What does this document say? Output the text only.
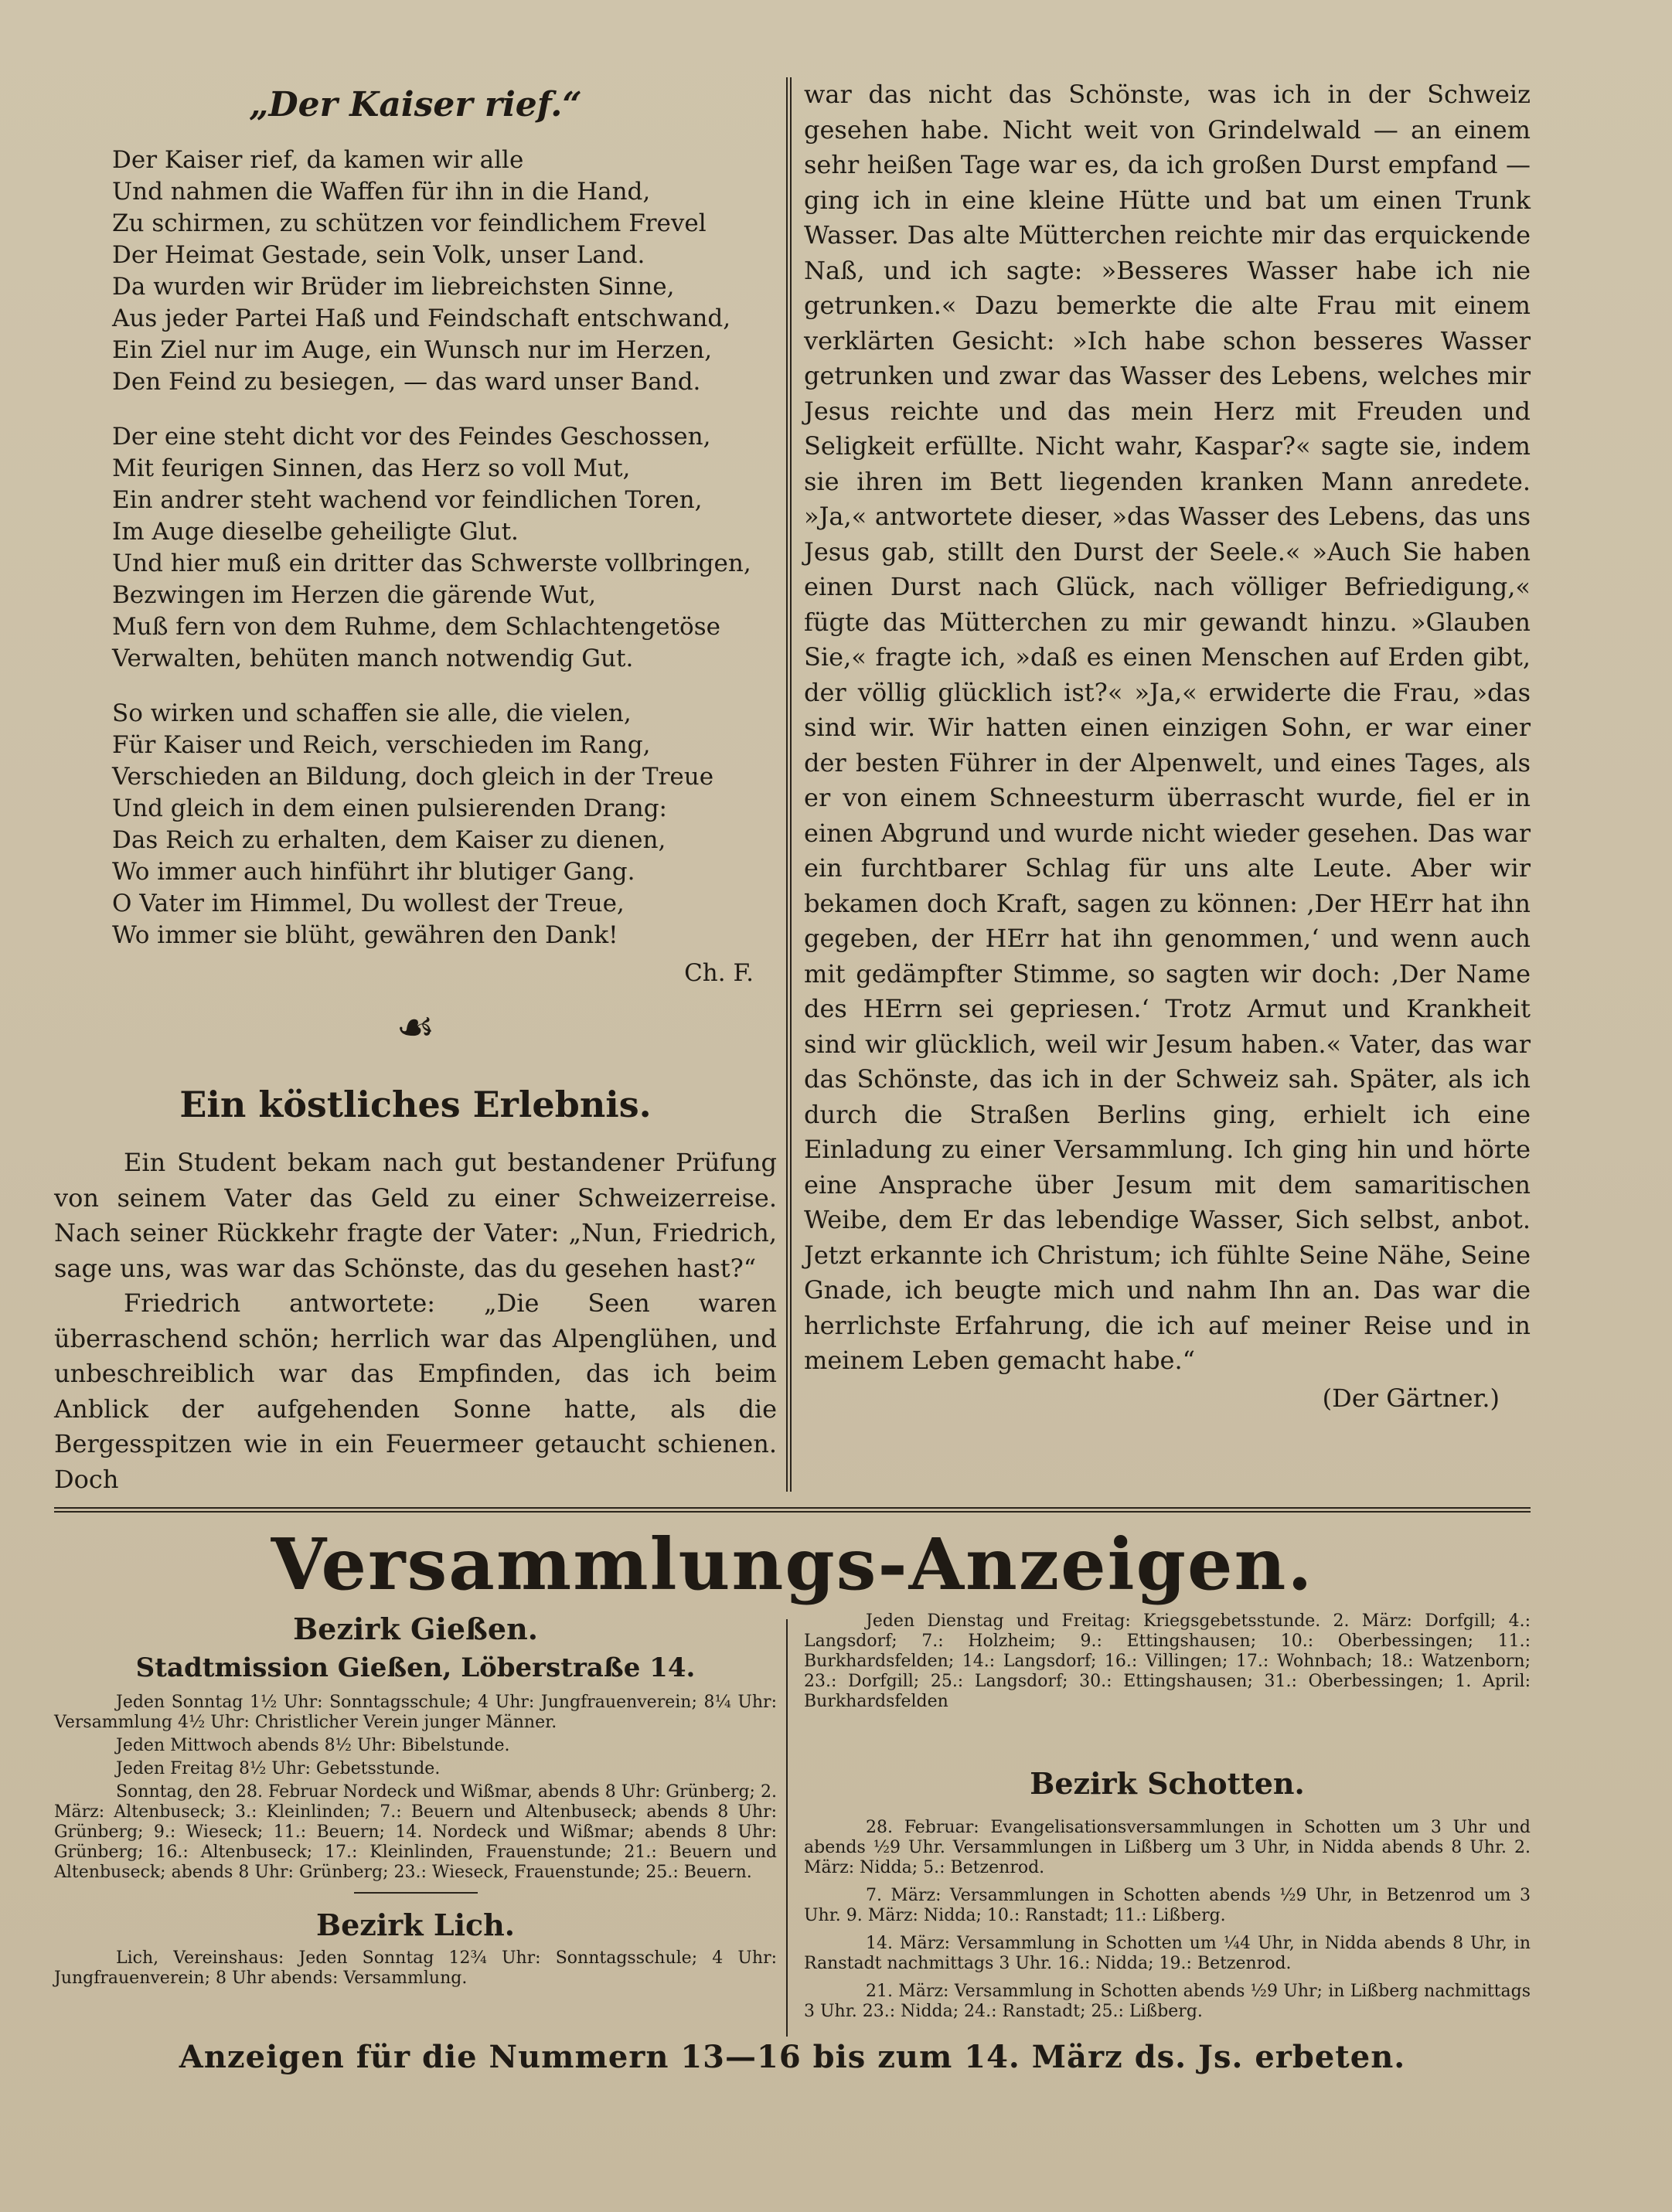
„Der Kaiser rief.“
Der Kaiser rief, da kamen wir alle
Und nahmen die Waffen für ihn in die Hand,
Zu schirmen, zu schützen vor feindlichem Frevel
Der Heimat Gestade, sein Volk, unser Land.
Da wurden wir Brüder im liebreichsten Sinne,
Aus jeder Partei Haß und Feindschaft entschwand,
Ein Ziel nur im Auge, ein Wunsch nur im Herzen,
Den Feind zu besiegen, — das ward unser Band.
Der eine steht dicht vor des Feindes Geschossen,
Mit feurigen Sinnen, das Herz so voll Mut,
Ein andrer steht wachend vor feindlichen Toren,
Im Auge dieselbe geheiligte Glut.
Und hier muß ein dritter das Schwerste vollbringen,
Bezwingen im Herzen die gärende Wut,
Muß fern von dem Ruhme, dem Schlachtengetöse
Verwalten, behüten manch notwendig Gut.
So wirken und schaffen sie alle, die vielen,
Für Kaiser und Reich, verschieden im Rang,
Verschieden an Bildung, doch gleich in der Treue
Und gleich in dem einen pulsierenden Drang:
Das Reich zu erhalten, dem Kaiser zu dienen,
Wo immer auch hinführt ihr blutiger Gang.
O Vater im Himmel, Du wollest der Treue,
Wo immer sie blüht, gewähren den Dank!
Ch. F.
☙
Ein köstliches Erlebnis.

Ein Student bekam nach gut bestandener Prüfung von seinem Vater das Geld zu einer Schweizerreise. Nach seiner Rückkehr fragte der Vater: „Nun, Friedrich, sage uns, was war das Schönste, das du gesehen hast?“

Friedrich antwortete: „Die Seen waren überraschend schön; herrlich war das Alpenglühen, und unbeschreiblich war das Empfinden, das ich beim Anblick der aufgehenden Sonne hatte, als die Bergesspitzen wie in ein Feuermeer getaucht schienen. Doch

war das nicht das Schönste, was ich in der Schweiz gesehen habe. Nicht weit von Grindelwald — an einem sehr heißen Tage war es, da ich großen Durst empfand — ging ich in eine kleine Hütte und bat um einen Trunk Wasser. Das alte Mütterchen reichte mir das erquickende Naß, und ich sagte: »Besseres Wasser habe ich nie getrunken.« Dazu bemerkte die alte Frau mit einem verklärten Gesicht: »Ich habe schon besseres Wasser getrunken und zwar das Wasser des Lebens, welches mir Jesus reichte und das mein Herz mit Freuden und Seligkeit erfüllte. Nicht wahr, Kaspar?« sagte sie, indem sie ihren im Bett liegenden kranken Mann anredete. »Ja,« antwortete dieser, »das Wasser des Lebens, das uns Jesus gab, stillt den Durst der Seele.« »Auch Sie haben einen Durst nach Glück, nach völliger Befriedigung,« fügte das Mütterchen zu mir gewandt hinzu. »Glauben Sie,« fragte ich, »daß es einen Menschen auf Erden gibt, der völlig glücklich ist?« »Ja,« erwiderte die Frau, »das sind wir. Wir hatten einen einzigen Sohn, er war einer der besten Führer in der Alpenwelt, und eines Tages, als er von einem Schneesturm überrascht wurde, fiel er in einen Abgrund und wurde nicht wieder gesehen. Das war ein furchtbarer Schlag für uns alte Leute. Aber wir bekamen doch Kraft, sagen zu können: ‚Der HErr hat ihn gegeben, der HErr hat ihn genommen,‘ und wenn auch mit gedämpfter Stimme, so sagten wir doch: ‚Der Name des HErrn sei gepriesen.‘ Trotz Armut und Krankheit sind wir glücklich, weil wir Jesum haben.« Vater, das war das Schönste, das ich in der Schweiz sah. Später, als ich durch die Straßen Berlins ging, erhielt ich eine Einladung zu einer Versammlung. Ich ging hin und hörte eine Ansprache über Jesum mit dem samaritischen Weibe, dem Er das lebendige Wasser, Sich selbst, anbot. Jetzt erkannte ich Christum; ich fühlte Seine Nähe, Seine Gnade, ich beugte mich und nahm Ihn an. Das war die herrlichste Erfahrung, die ich auf meiner Reise und in meinem Leben gemacht habe.“
(Der Gärtner.)
Versammlungs-Anzeigen.
Bezirk Gießen.
Stadtmission Gießen, Löberstraße 14.

Jeden Sonntag 1½ Uhr: Sonntagsschule; 4 Uhr: Jungfrauenverein; 8¼ Uhr: Versammlung 4½ Uhr: Christlicher Verein junger Männer.

Jeden Mittwoch abends 8½ Uhr: Bibelstunde.

Jeden Freitag 8½ Uhr: Gebetsstunde.

Sonntag, den 28. Februar Nordeck und Wißmar, abends 8 Uhr: Grünberg; 2. März: Altenbuseck; 3.: Kleinlinden; 7.: Beuern und Altenbuseck; abends 8 Uhr: Grünberg; 9.: Wieseck; 11.: Beuern; 14. Nordeck und Wißmar; abends 8 Uhr: Grünberg; 16.: Altenbuseck; 17.: Kleinlinden, Frauenstunde; 21.: Beuern und Altenbuseck; abends 8 Uhr: Grünberg; 23.: Wieseck, Frauenstunde; 25.: Beuern.

Bezirk Lich.

Lich, Vereinshaus: Jeden Sonntag 12¾ Uhr: Sonntagsschule; 4 Uhr: Jungfrauenverein; 8 Uhr abends: Versammlung.

Jeden Dienstag und Freitag: Kriegsgebetsstunde. 2. März: Dorfgill; 4.: Langsdorf; 7.: Holzheim; 9.: Ettingshausen; 10.: Oberbessingen; 11.: Burkhardsfelden; 14.: Langsdorf; 16.: Villingen; 17.: Wohnbach; 18.: Watzenborn; 23.: Dorfgill; 25.: Langsdorf; 30.: Ettingshausen; 31.: Oberbessingen; 1. April: Burkhardsfelden

Bezirk Schotten.

28. Februar: Evangelisationsversammlungen in Schotten um 3 Uhr und abends ½9 Uhr. Versammlungen in Lißberg um 3 Uhr, in Nidda abends 8 Uhr. 2. März: Nidda; 5.: Betzenrod.

7. März: Versammlungen in Schotten abends ½9 Uhr, in Betzenrod um 3 Uhr. 9. März: Nidda; 10.: Ranstadt; 11.: Lißberg.

14. März: Versammlung in Schotten um ¼4 Uhr, in Nidda abends 8 Uhr, in Ranstadt nachmittags 3 Uhr. 16.: Nidda; 19.: Betzenrod.

21. März: Versammlung in Schotten abends ½9 Uhr; in Lißberg nachmittags 3 Uhr. 23.: Nidda; 24.: Ranstadt; 25.: Lißberg.

Anzeigen für die Nummern 13—16 bis zum 14. März ds. Js. erbeten.
